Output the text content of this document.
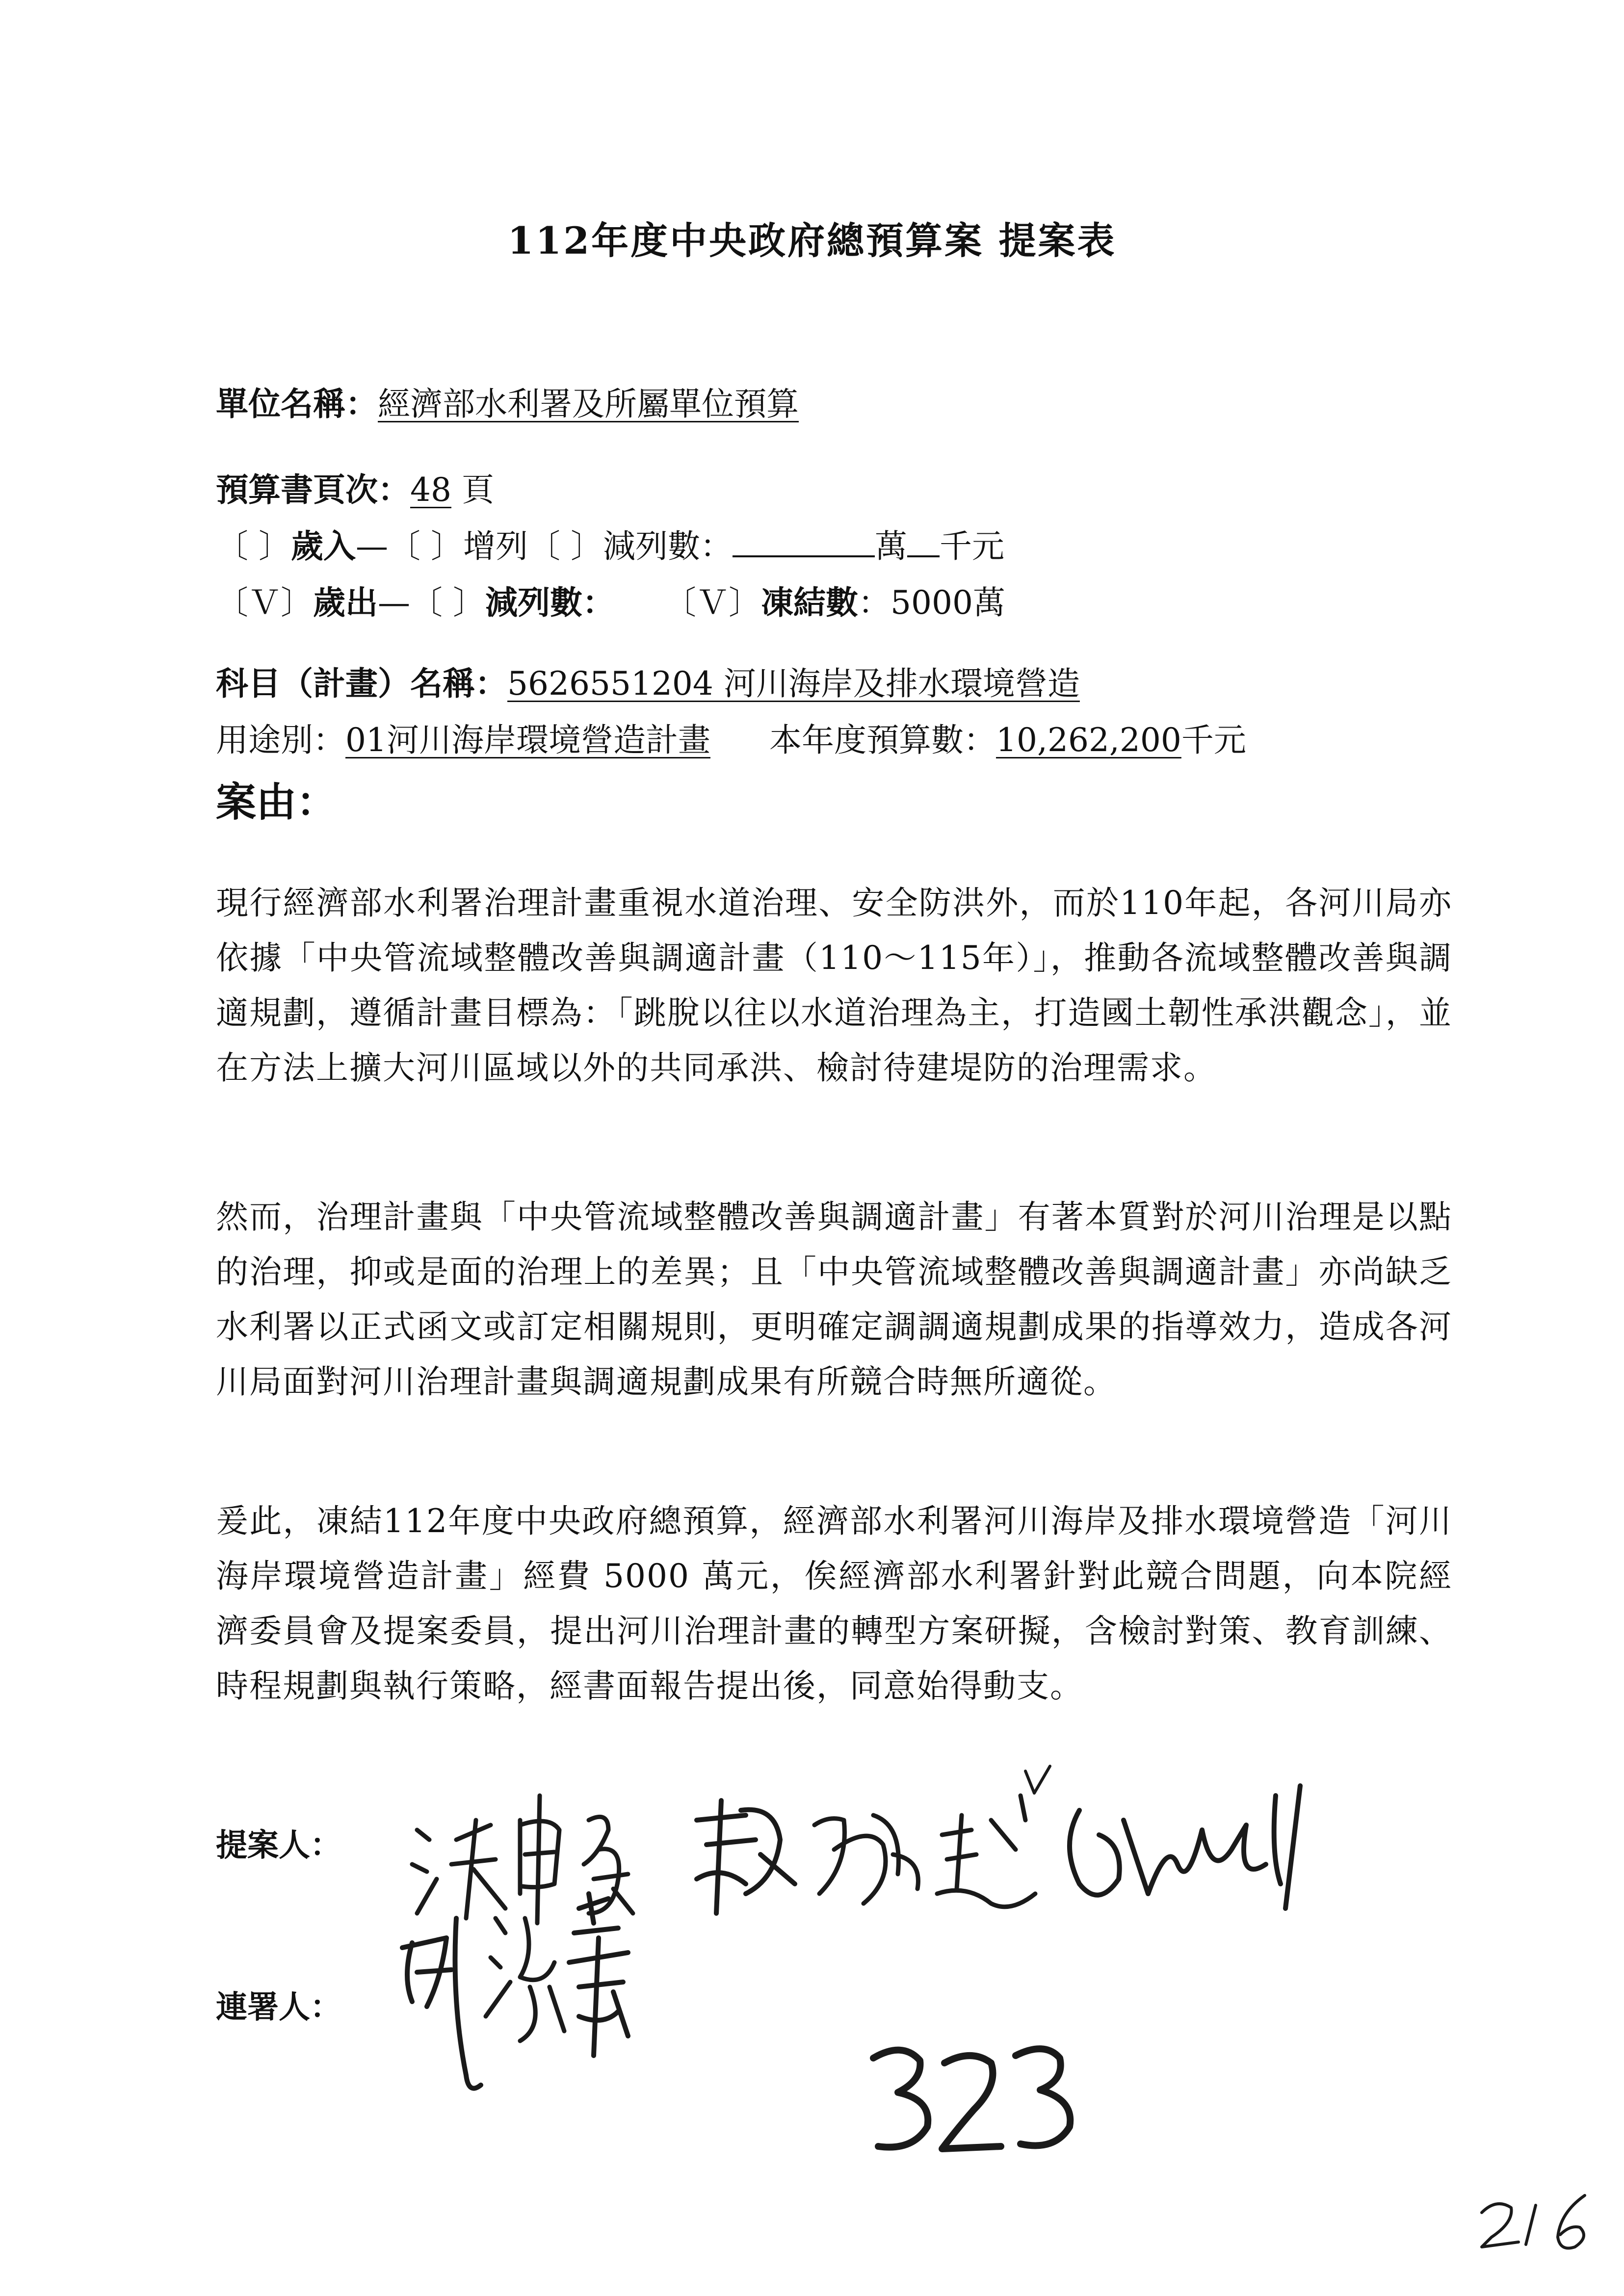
112年度中央政府總預算案 提案表
單位名稱：經濟部水利署及所屬單位預算
預算書頁次：48 頁
〔 〕歲入—〔 〕增列〔 〕減列數：	萬 千元
〔Ｖ〕歲出—〔 〕減列數： 〔Ｖ〕凍結數：5000萬
科目（計畫）名稱：5626551204 河川海岸及排水環境營造
用途別：01河川海岸環境營造計畫 本年度預算數：10,262,200千元
案由：
現行經濟部水利署治理計畫重視水道治理、安全防洪外，而於110年起，各河川局亦依據「中央管流域整體改善與調適計畫（110～115年）」，推動各流域整體改善與調適規劃，遵循計畫目標為：「跳脫以往以水道治理為主，打造國土韌性承洪觀念」，並在方法上擴大河川區域以外的共同承洪、檢討待建堤防的治理需求。
然而，治理計畫與「中央管流域整體改善與調適計畫」有著本質對於河川治理是以點的治理，抑或是面的治理上的差異；且「中央管流域整體改善與調適計畫」亦尚缺乏水利署以正式函文或訂定相關規則，更明確定調調適規劃成果的指導效力，造成各河川局面對河川治理計畫與調適規劃成果有所競合時無所適從。
爰此，凍結112年度中央政府總預算，經濟部水利署河川海岸及排水環境營造「河川海岸環境營造計畫」經費 5000 萬元，俟經濟部水利署針對此競合問題，向本院經濟委員會及提案委員，提出河川治理計畫的轉型方案研擬，含檢討對策、教育訓練、時程規劃與執行策略，經書面報告提出後，同意始得動支。
提案人：
連署人：
